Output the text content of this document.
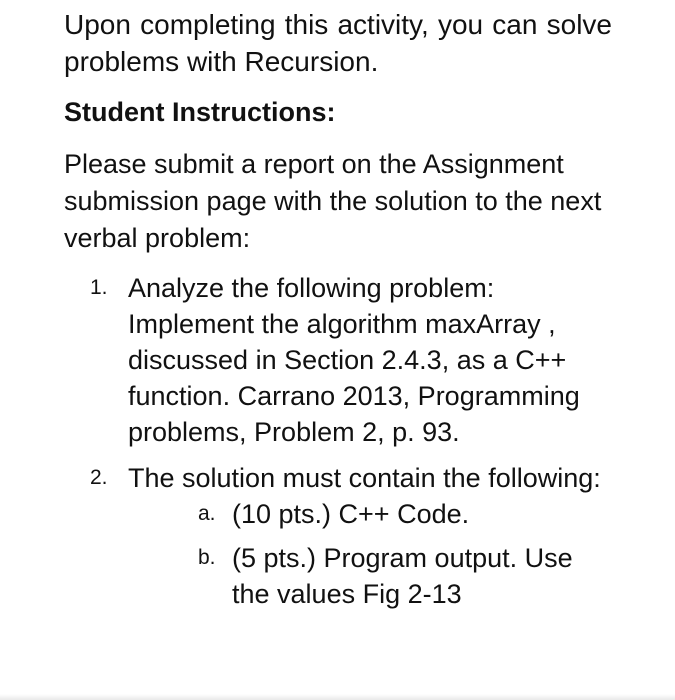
Upon completing this activity, you can solve problems with Recursion.

Student Instructions:

Please submit a report on the Assignment submission page with the solution to the next verbal problem:

1. Analyze the following problem: Implement the algorithm maxArray , discussed in Section 2.4.3, as a C++ function. Carrano 2013, Programming problems, Problem 2, p. 93.
2. The solution must contain the following:
a. (10 pts.) C++ Code.
b. (5 pts.) Program output. Use the values Fig 2-13
